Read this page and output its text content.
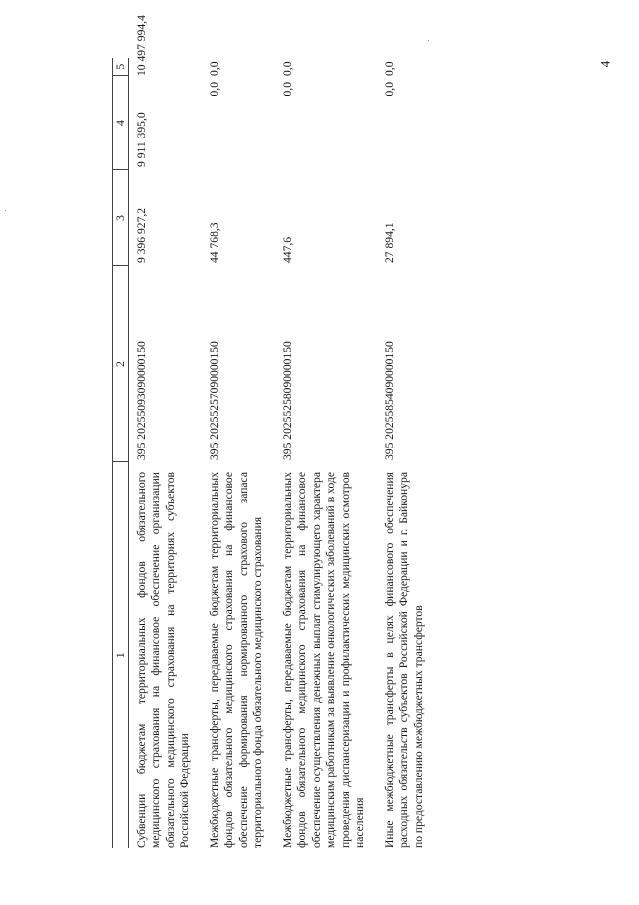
4
1	2	3	4	5
Субвенции бюджетам территориальных фондов обязательного медицинского страхования на финансовое обеспечение организации обязательного медицинского страхования на территориях субъектов Российской Федерации	395 20255093090000150	9 396 927,2	9 911 395,0	10 497 994,4

Межбюджетные трансферты, передаваемые бюджетам территориальных фондов обязательного медицинского страхования на финансовое обеспечение формирования нормированного страхового запаса территориального фонда обязательного медицинского страхования	395 20255257090000150	44 768,3	0,0	0,0

Межбюджетные трансферты, передаваемые бюджетам территориальных фондов обязательного медицинского страхования на финансовое обеспечение осуществления денежных выплат стимулирующего характера медицинским работникам за выявление онкологических заболеваний в ходе проведения диспансеризации и профилактических медицинских осмотров населения	395 20255258090000150	447,6	0,0	0,0

Иные межбюджетные трансферты в целях финансового обеспечения расходных обязательств субъектов Российской Федерации и г. Байконура по предоставлению межбюджетных трансфертов	395 20255854090000150	27 894,1	0,0	0,0
